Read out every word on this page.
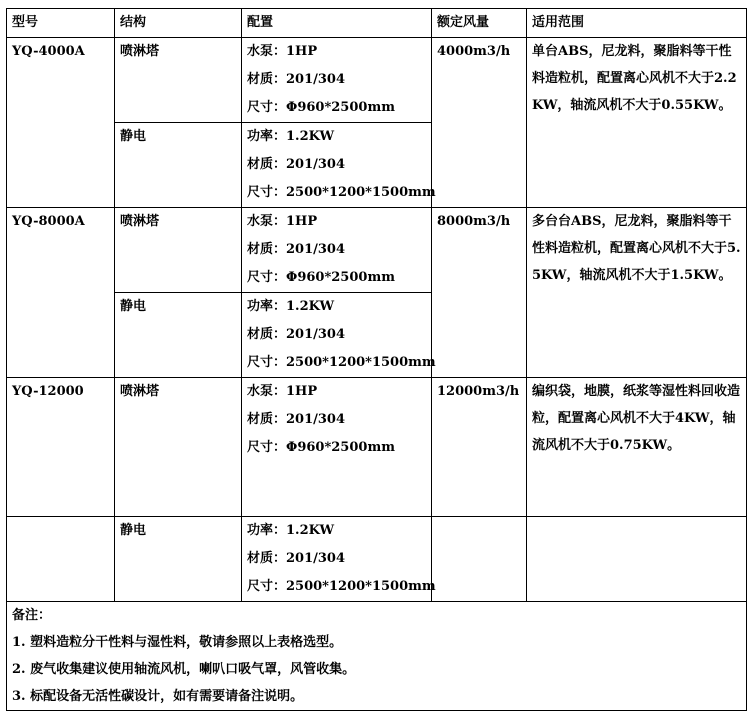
型号	结构	配置	额定风量	适用范围
YQ-4000A	喷淋塔	水泵：1HP
材质：201/304
尺寸：Φ960*2500mm	4000m3/h	单台ABS，尼龙料，聚脂料等干性料造粒机，配置离心风机不大于2.2KW，轴流风机不大于0.55KW。
	静电	功率：1.2KW
材质：201/304
尺寸：2500*1200*1500mm		

YQ-8000A	喷淋塔	水泵：1HP
材质：201/304
尺寸：Φ960*2500mm	8000m3/h	多台台ABS，尼龙料，聚脂料等干性料造粒机，配置离心风机不大于5.5KW，轴流风机不大于1.5KW。
	静电	功率：1.2KW
材质：201/304
尺寸：2500*1200*1500mm		

YQ-12000	喷淋塔	水泵：1HP
材质：201/304
尺寸：Φ960*2500mm	12000m3/h	编织袋，地膜，纸浆等湿性料回收造粒，配置离心风机不大于4KW，轴流风机不大于0.75KW。
	静电	功率：1.2KW
材质：201/304
尺寸：2500*1200*1500mm		

备注：
1. 塑料造粒分干性料与湿性料，敬请参照以上表格选型。
2. 废气收集建议使用轴流风机，喇叭口吸气罩，风管收集。
3. 标配设备无活性碳设计，如有需要请备注说明。				
